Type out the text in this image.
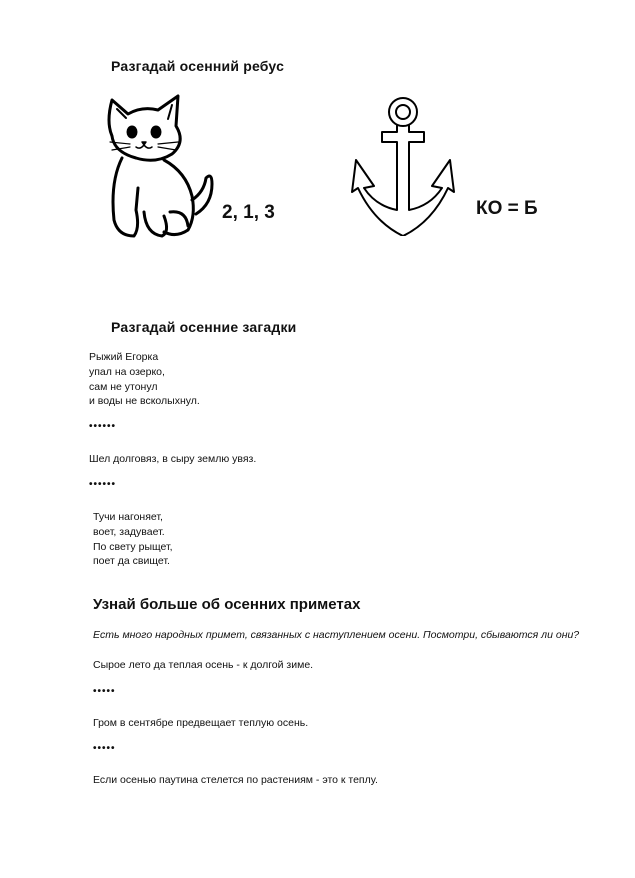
Разгадай осенний ребус
2, 1, 3	КО = Б
Разгадай осенние загадки
Рыжий Егорка
упал на озерко,
сам не утонул
и воды не всколыхнул.
••••••
Шел долговяз, в сыру землю увяз.
••••••
Тучи нагоняет,
воет, задувает.
По свету рыщет,
поет да свищет.
Узнай больше об осенних приметах
Есть много народных примет, связанных с наступлением осени. Посмотри, сбываются ли они?
Сырое лето да теплая осень - к долгой зиме.
•••••
Гром в сентябре предвещает теплую осень.
•••••
Если осенью паутина стелется по растениям - это к теплу.
